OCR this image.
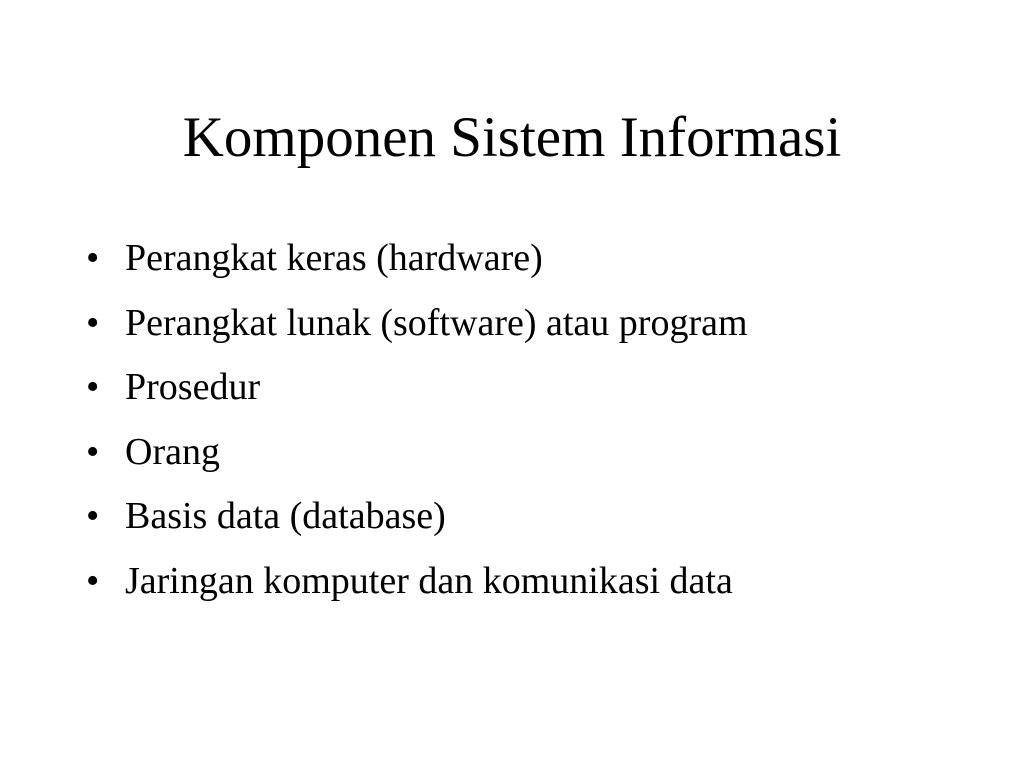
Komponen Sistem Informasi
• Perangkat keras (hardware)
• Perangkat lunak (software) atau program
• Prosedur
• Orang
• Basis data (database)
• Jaringan komputer dan komunikasi data
